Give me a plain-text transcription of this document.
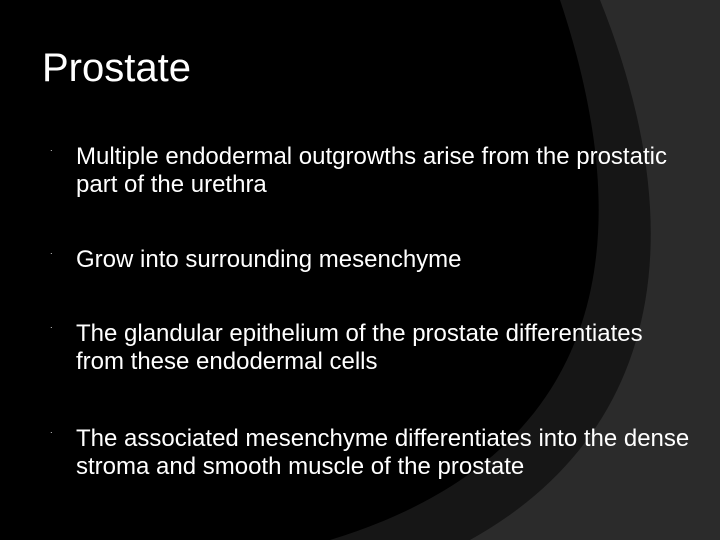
Prostate
˙ Multiple endodermal outgrowths arise from the prostatic part of the urethra
˙ Grow into surrounding mesenchyme
˙ The glandular epithelium of the prostate differentiates from these endodermal cells
˙ The associated mesenchyme differentiates into the dense stroma and smooth muscle of the prostate
